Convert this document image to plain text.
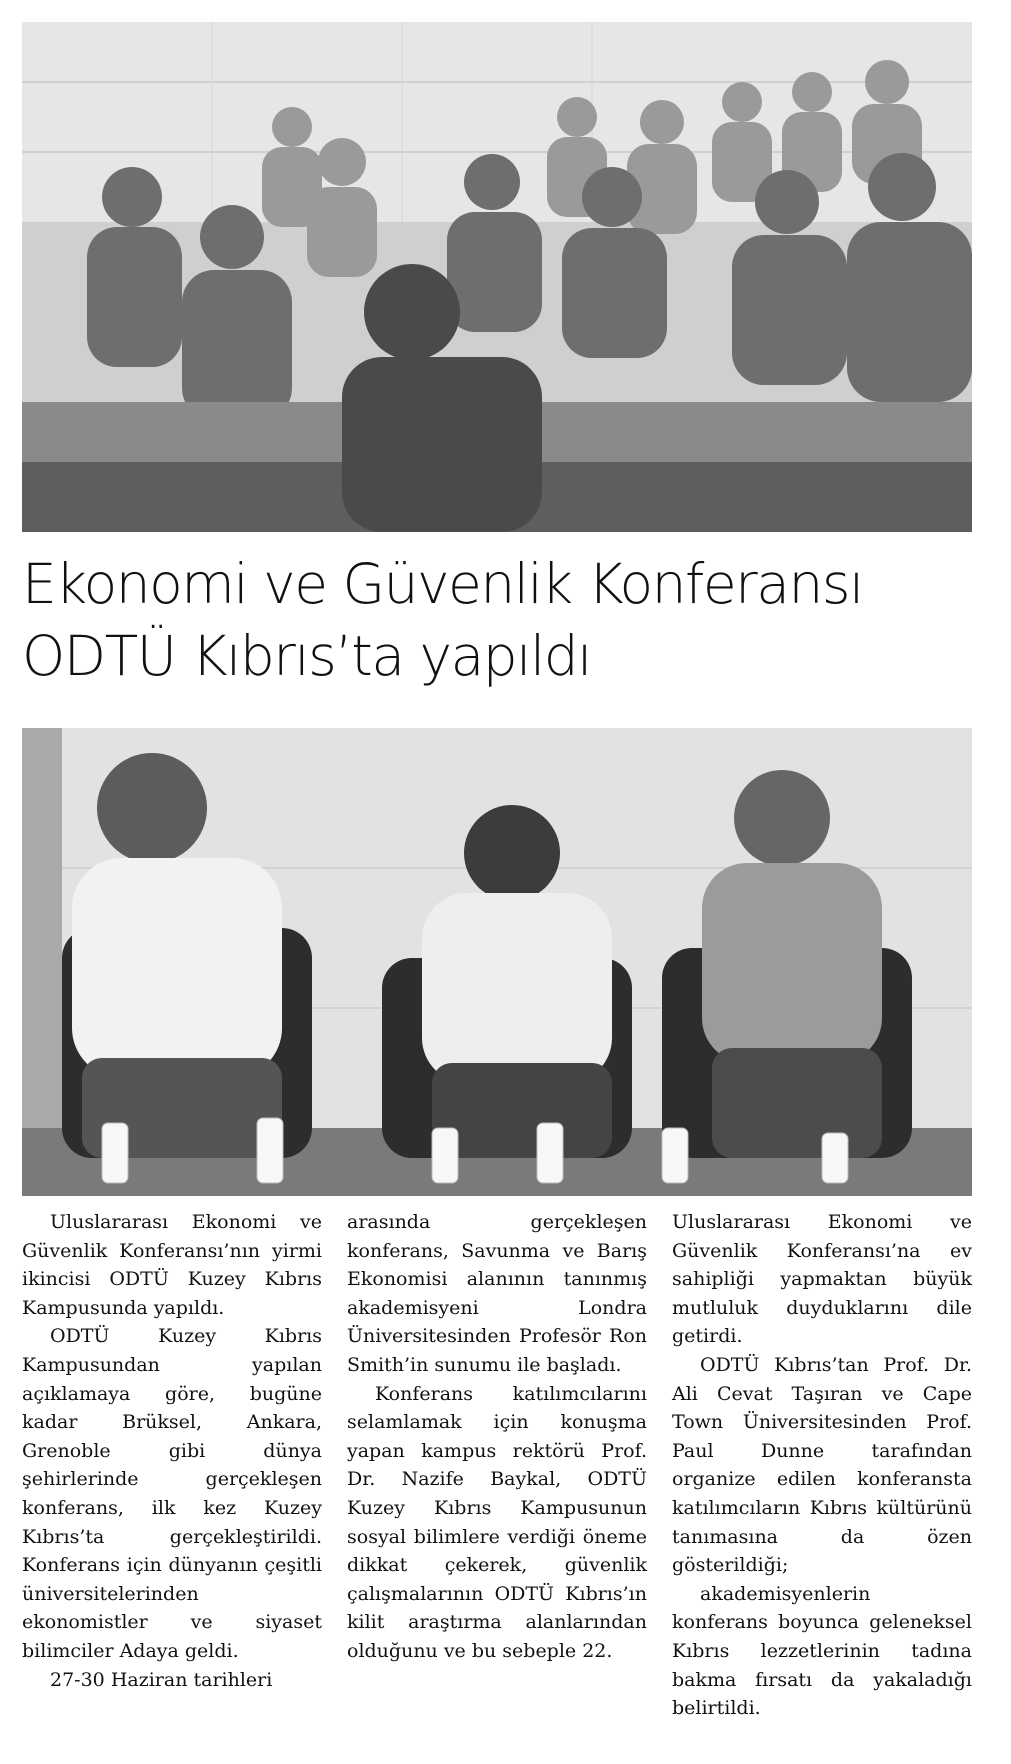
Ekonomi ve Güvenlik Konferansı
ODTÜ Kıbrıs’ta yapıldı

Uluslararası Ekonomi ve Güvenlik Konferansı’nın yirmi ikincisi ODTÜ Kuzey Kıbrıs Kampusunda yapıldı.

ODTÜ Kuzey Kıbrıs Kampusundan yapılan açıklamaya göre, bugüne kadar Brüksel, Ankara, Grenoble gibi dünya şehirlerinde gerçekleşen konferans, ilk kez Kuzey Kıbrıs’ta gerçekleştirildi. Konferans için dünyanın çeşitli üniversitelerinden ekonomistler ve siyaset bilimciler Adaya geldi.

27-30 Haziran tarihleri

arasında gerçekleşen konferans, Savunma ve Barış Ekonomisi alanının tanınmış akademisyeni Londra Üniversitesinden Profesör Ron Smith’in sunumu ile başladı.

Konferans katılımcılarını selamlamak için konuşma yapan kampus rektörü Prof. Dr. Nazife Baykal, ODTÜ Kuzey Kıbrıs Kampusunun sosyal bilimlere verdiği öneme dikkat çekerek, güvenlik çalışmalarının ODTÜ Kıbrıs’ın kilit araştırma alanlarından olduğunu ve bu sebeple 22.

Uluslararası Ekonomi ve Güvenlik Konferansı’na ev sahipliği yapmaktan büyük mutluluk duyduklarını dile getirdi.

ODTÜ Kıbrıs’tan Prof. Dr. Ali Cevat Taşıran ve Cape Town Üniversitesinden Prof. Paul Dunne tarafından organize edilen konferansta katılımcıların Kıbrıs kültürünü tanımasına da özen gösterildiği;

akademisyenlerin konferans boyunca geleneksel Kıbrıs lezzetlerinin tadına bakma fırsatı da yakaladığı belirtildi.
